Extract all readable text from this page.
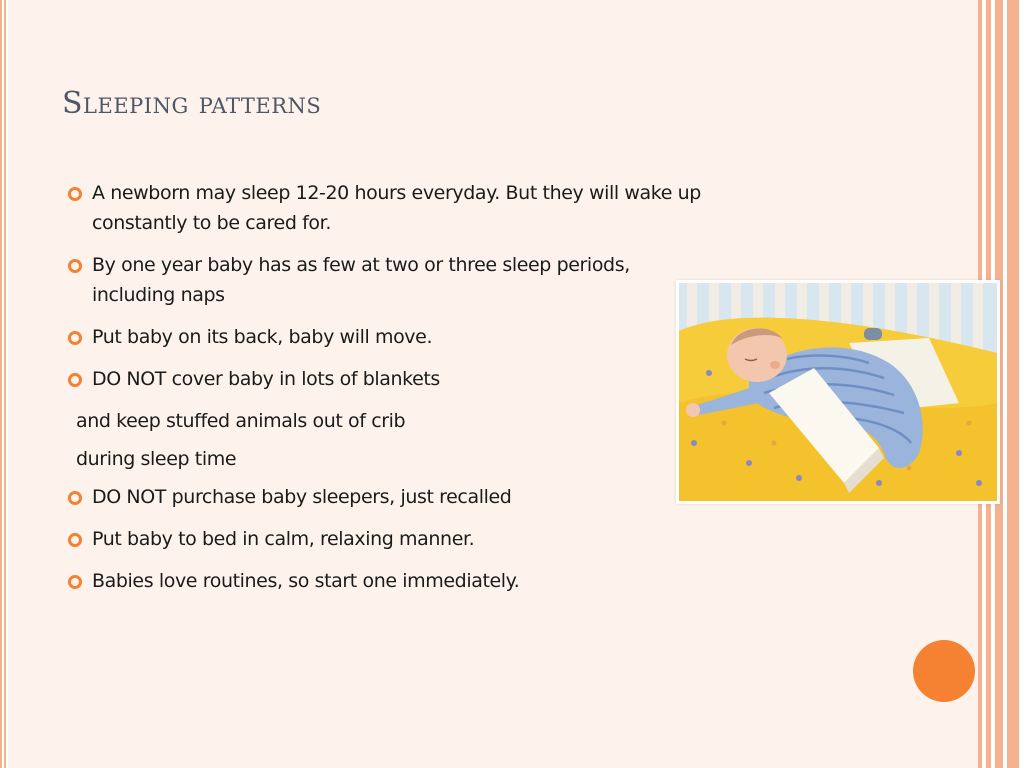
Sleeping patterns
A newborn may sleep 12-20 hours everyday. But they will wake up constantly to be cared for.
By one year baby has as few at two or three sleep periods, including naps
Put baby on its back, baby will move.
DO NOT cover baby in lots of blankets
and keep stuffed animals out of crib
during sleep time
DO NOT purchase baby sleepers, just recalled
Put baby to bed in calm, relaxing manner.
Babies love routines, so start one immediately.
